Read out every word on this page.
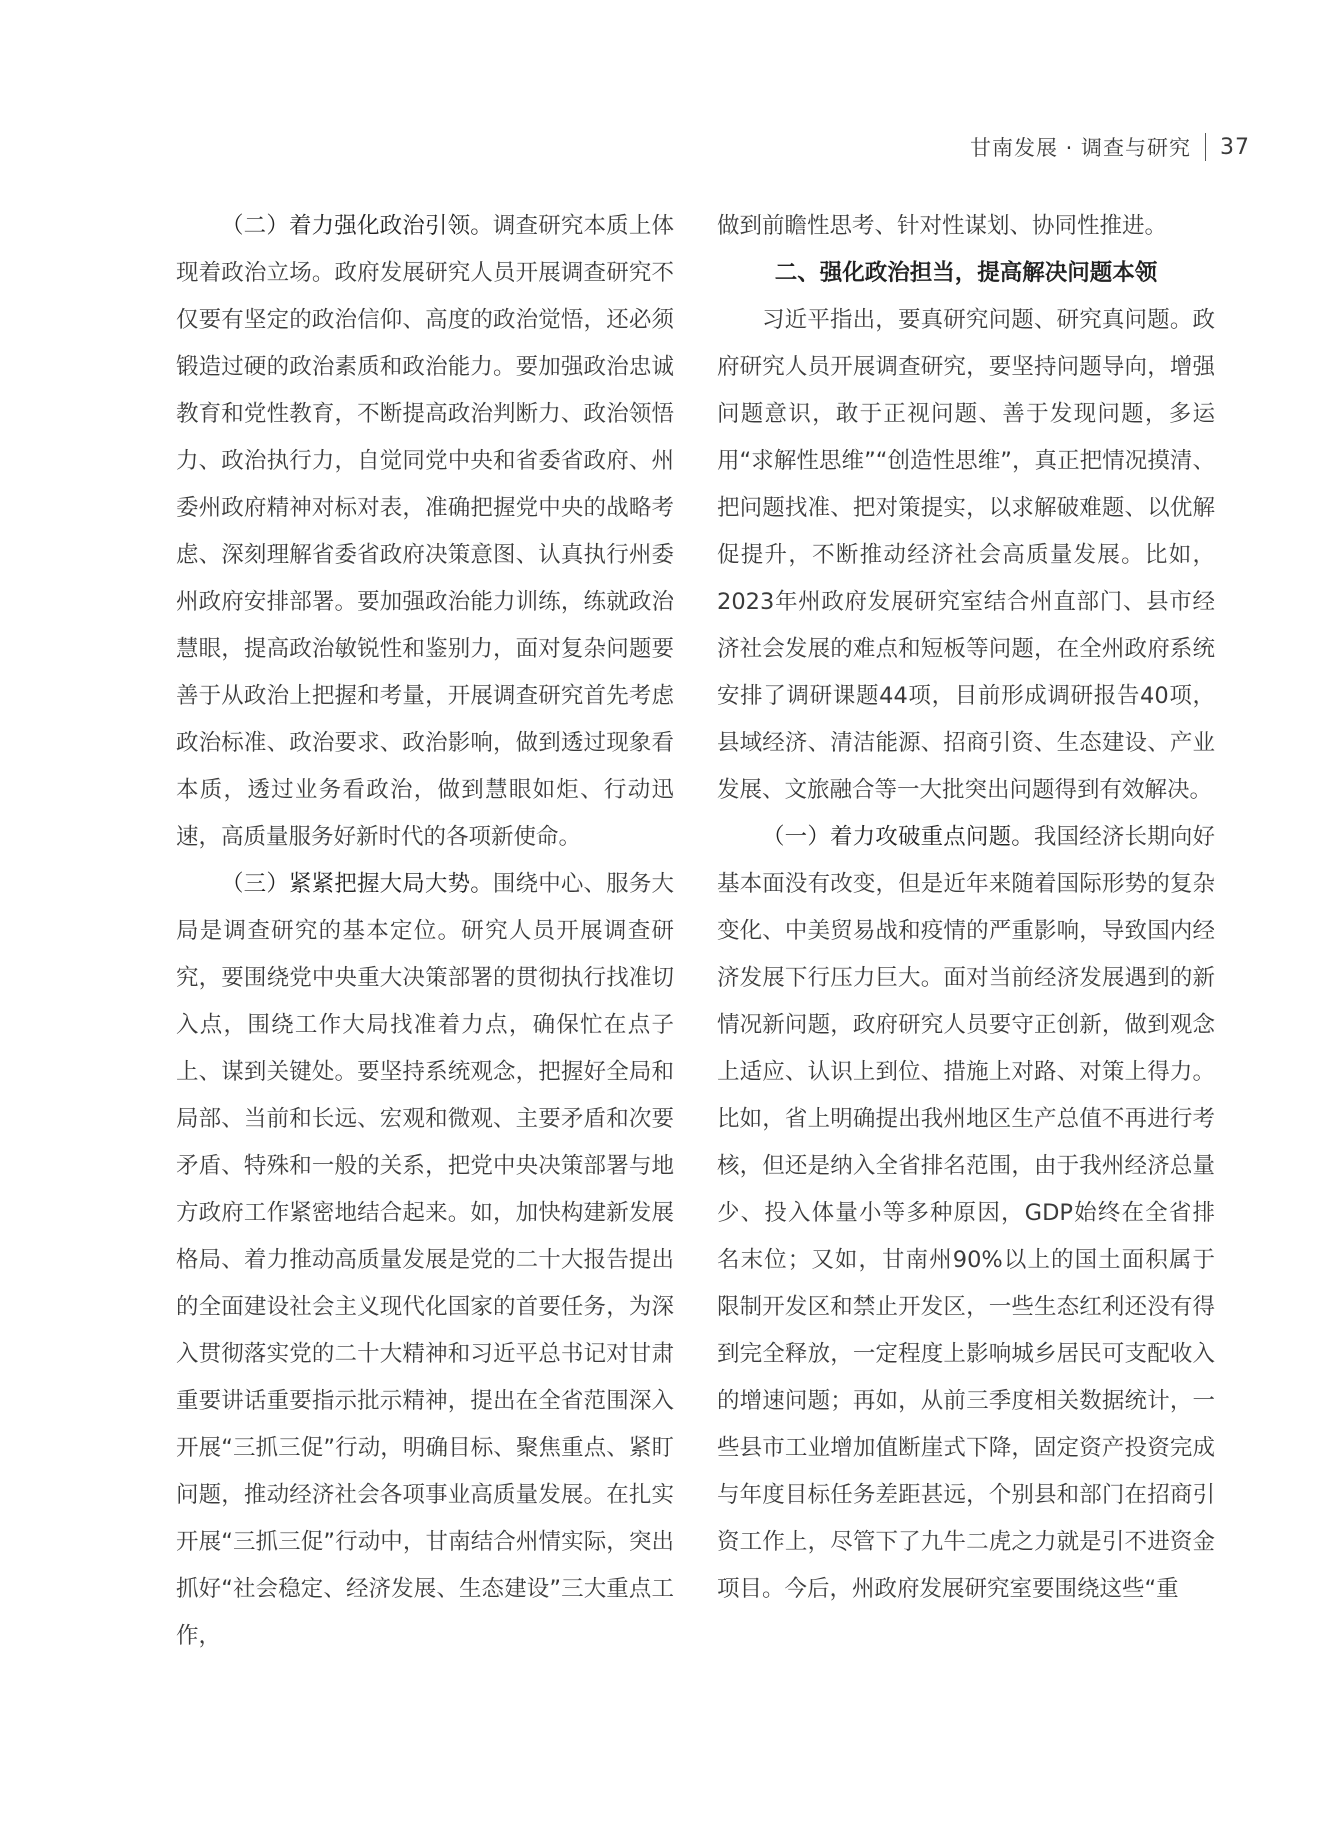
甘南发展 · 调查与研究 37

（二）着力强化政治引领。调查研究本质上体现着政治立场。政府发展研究人员开展调查研究不仅要有坚定的政治信仰、高度的政治觉悟，还必须锻造过硬的政治素质和政治能力。要加强政治忠诚教育和党性教育，不断提高政治判断力、政治领悟力、政治执行力，自觉同党中央和省委省政府、州委州政府精神对标对表，准确把握党中央的战略考虑、深刻理解省委省政府决策意图、认真执行州委州政府安排部署。要加强政治能力训练，练就政治慧眼，提高政治敏锐性和鉴别力，面对复杂问题要善于从政治上把握和考量，开展调查研究首先考虑政治标准、政治要求、政治影响，做到透过现象看本质，透过业务看政治，做到慧眼如炬、行动迅速，高质量服务好新时代的各项新使命。

（三）紧紧把握大局大势。围绕中心、服务大局是调查研究的基本定位。研究人员开展调查研究，要围绕党中央重大决策部署的贯彻执行找准切入点，围绕工作大局找准着力点，确保忙在点子上、谋到关键处。要坚持系统观念，把握好全局和局部、当前和长远、宏观和微观、主要矛盾和次要矛盾、特殊和一般的关系，把党中央决策部署与地方政府工作紧密地结合起来。如，加快构建新发展格局、着力推动高质量发展是党的二十大报告提出的全面建设社会主义现代化国家的首要任务，为深入贯彻落实党的二十大精神和习近平总书记对甘肃重要讲话重要指示批示精神，提出在全省范围深入开展“三抓三促”行动，明确目标、聚焦重点、紧盯问题，推动经济社会各项事业高质量发展。在扎实开展“三抓三促”行动中，甘南结合州情实际，突出抓好“社会稳定、经济发展、生态建设”三大重点工作，

做到前瞻性思考、针对性谋划、协同性推进。

二、强化政治担当，提高解决问题本领

习近平指出，要真研究问题、研究真问题。政府研究人员开展调查研究，要坚持问题导向，增强问题意识，敢于正视问题、善于发现问题，多运用“求解性思维”“创造性思维”，真正把情况摸清、把问题找准、把对策提实，以求解破难题、以优解促提升，不断推动经济社会高质量发展。比如，2023年州政府发展研究室结合州直部门、县市经济社会发展的难点和短板等问题，在全州政府系统安排了调研课题44项，目前形成调研报告40项，县域经济、清洁能源、招商引资、生态建设、产业发展、文旅融合等一大批突出问题得到有效解决。

（一）着力攻破重点问题。我国经济长期向好基本面没有改变，但是近年来随着国际形势的复杂变化、中美贸易战和疫情的严重影响，导致国内经济发展下行压力巨大。面对当前经济发展遇到的新情况新问题，政府研究人员要守正创新，做到观念上适应、认识上到位、措施上对路、对策上得力。比如，省上明确提出我州地区生产总值不再进行考核，但还是纳入全省排名范围，由于我州经济总量少、投入体量小等多种原因，GDP始终在全省排名末位；又如，甘南州90%以上的国土面积属于限制开发区和禁止开发区，一些生态红利还没有得到完全释放，一定程度上影响城乡居民可支配收入的增速问题；再如，从前三季度相关数据统计，一些县市工业增加值断崖式下降，固定资产投资完成与年度目标任务差距甚远，个别县和部门在招商引资工作上，尽管下了九牛二虎之力就是引不进资金项目。今后，州政府发展研究室要围绕这些“重
